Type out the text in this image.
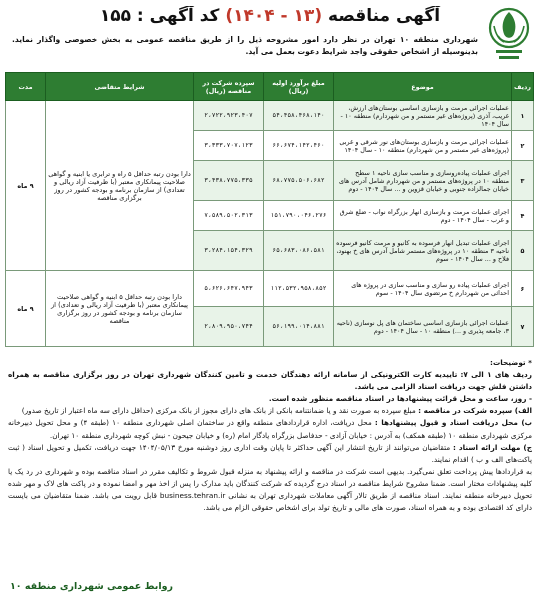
آگهی مناقصه (۱۳ - ۱۴۰۴) کد آگهی : ۱۵۵
شهرداری منطقه ۱۰ تهران در نظر دارد امور مشروحه ذیل را از طریق مناقصه عمومی به بخش خصوصی واگذار نماید. بدینوسیله از اشخاص حقوقی واجد شرایط دعوت بعمل می آید.
ردیف	موضوع	مبلغ برآورد اولیه (ریال)	سپرده شرکت در مناقصه (ریال)	شرایط متقاضی	مدت
۱	عملیات اجرائی مرمت و بازسازی اساسی بوستان‌های ارزش، غریب، آذری (پروژه‌های غیر مستمر و من شهردارم) منطقه ۱۰ - سال ۱۴۰۴	۵۴،۴۵۸،۴۶۸،۱۴۰	۲،۷۲۲،۹۲۳،۴۰۷	دارا بودن رتبه حداقل ۵ راه و ترابری یا ابنیه و گواهی صلاحیت پیمانکاری معتبر (با ظرفیت آزاد ریالی و تعدادی) از سازمان برنامه و بودجه کشور در روز برگزاری مناقصه	۹ ماه
۲	عملیات اجرائی مرمت و بازسازی بوستان‌های نور شرقی و غربی (پروژه‌های غیر مستمر و من شهردارم) منطقه ۱۰ - سال ۱۴۰۴	۶۶،۶۷۴،۱۴۲،۴۶۰	۳،۳۳۳،۷۰۷،۱۲۳		
۳	اجرای عملیات پیاده‌روسازی و مناسب سازی ناحیه ۱ سطح منطقه ۱۰ در پروژه‌های مستمر و من شهردارم شامل آدرس های خیابان جمالزاده جنوبی و خیابان قزوین و ... سال ۱۴۰۴ - دوم	۶۸،۷۷۵،۵۰۶،۶۸۲	۳،۴۳۸،۷۷۵،۳۳۵		
۴	اجرای عملیات مرمت و بازسازی انهار بزرگراه نواب - ضلع شرق و غرب - سال ۱۴۰۴ - دوم	۱۵۱،۷۹۰،۰۴۶،۲۷۶	۷،۵۸۹،۵۰۲،۳۱۳		
۵	اجرای عملیات تبدیل انهار فرسوده به کانیو و مرمت کانیو فرسوده ناحیه ۳ منطقه ۱۰ در پروژه‌های مستمر شامل آدرس های خ بهنود، فلاح و ... سال ۱۴۰۴ - سوم	۶۵،۶۸۳،۰۸۶،۵۸۱	۳،۲۸۴،۱۵۴،۳۲۹		
۶	اجرای عملیات پیاده رو سازی و مناسب سازی در پروژه های احداثی من شهردارم خ مرتضوی سال ۱۴۰۴ - سوم	۱۱۲،۵۳۲،۹۵۸،۸۵۲	۵،۶۲۶،۶۴۷،۹۴۳	دارا بودن رتبه حداقل ۵ ابنیه و گواهی صلاحیت پیمانکاری معتبر (با ظرفیت آزاد ریالی و تعدادی) از سازمان برنامه و بودجه کشور در روز برگزاری مناقصه	۹ ماه
۷	عملیات اجرائی بازسازی اساسی ساختمان های پل نوسازی (ناحیه ۳، جامعه پذیری و ...) منطقه ۱۰ - سال ۱۴۰۴ - دوم	۵۶،۱۹۹،۰۱۴،۸۸۱	۲،۸۰۹،۹۵۰،۷۴۴		

* توضیحات:

ردیف های ۱ الی ۷: تاییدیه کارت الکترونیکی از سامانه ارائه دهندگان خدمت و تامین کنندگان شهرداری تهران در روز برگزاری مناقصه به همراه داشتن فلش جهت دریافت اسناد الزامی می باشد.

- روز، ساعت و محل قرائت پیشنهادها در اسناد مناقصه منظور شده است.

الف) سپرده شرکت در مناقصه : مبلغ سپرده به صورت نقد و یا ضمانتنامه بانکی از بانک های دارای مجوز از بانک مرکزی (حداقل دارای سه ماه اعتبار از تاریخ صدور)

ب) محل دریافت اسناد و قبول پیشنهادها : محل دریافت، اداره قراردادهای منطقه واقع در ساختمان اصلی شهرداری منطقه ۱۰ (طبقه ۴) و محل تحویل دبیرخانه مرکزی شهرداری منطقه ۱۰ (طبقه همکف) به آدرس : خیابان آزادی - حدفاصل بزرگراه یادگار امام (ره) و خیابان جیحون - نبش کوچه شهرداری منطقه ۱۰ تهران.

ج) مهلت ارائه اسناد : متقاضیان می‌توانند از تاریخ انتشار این آگهی حداکثر تا پایان وقت اداری روز دوشنبه مورخ ۱۴۰۴/۰۵/۱۳ جهت دریافت، تکمیل و تحویل اسناد ( ثبت پاکت‌های الف و ب ) اقدام نمایند.

به قراردادها پیش پرداخت تعلق نمی‌گیرد. بدیهی است شرکت در مناقصه و ارائه پیشنهاد به منزله قبول شروط و تکالیف مقرر در اسناد مناقصه بوده و شهرداری در رد یک یا کلیه پیشنهادات مختار است. ضمنا مشروح شرایط مناقصه در اسناد درج گردیده که شرکت کنندگان باید مدارک را پس از اخذ مهر و امضا نموده و در پاکت های لاک و مهر شده تحویل دبیرخانه منطقه نمایند. اسناد مناقصه از طریق تالار آگهی معاملات شهرداری تهران به نشانی business.tehran.ir قابل رویت می باشد. ضمنا متقاضیان می بایست دارای کد اقتصادی بوده و به همراه اسناد، صورت های مالی و تاریخ تولد برای اشخاص حقوقی الزام می باشد.

روابط عمومی شهرداری منطقه ۱۰
